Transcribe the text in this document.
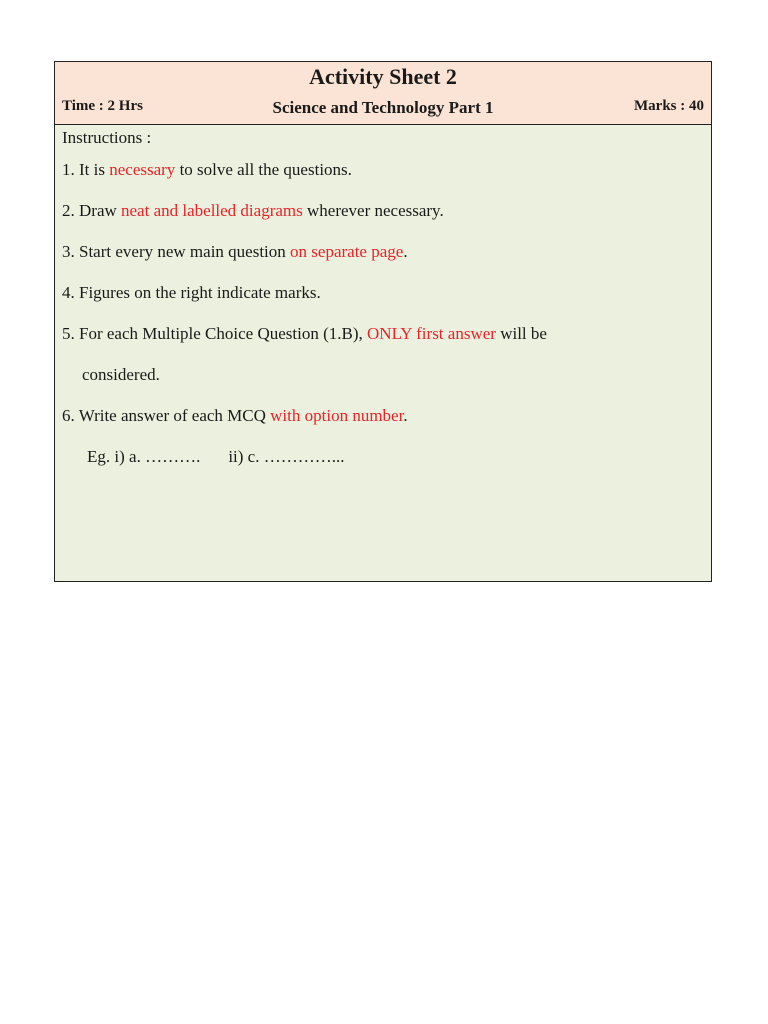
Activity Sheet 2
Time : 2 Hrs	Science and Technology Part 1	Marks : 40
Instructions :
1. It is necessary to solve all the questions.
2. Draw neat and labelled diagrams wherever necessary.
3. Start every new main question on separate page.
4. Figures on the right indicate marks.
5. For each Multiple Choice Question (1.B), ONLY first answer will be
considered.
6. Write answer of each MCQ with option number.
Eg. i) a. ………. ii) c. …………...
